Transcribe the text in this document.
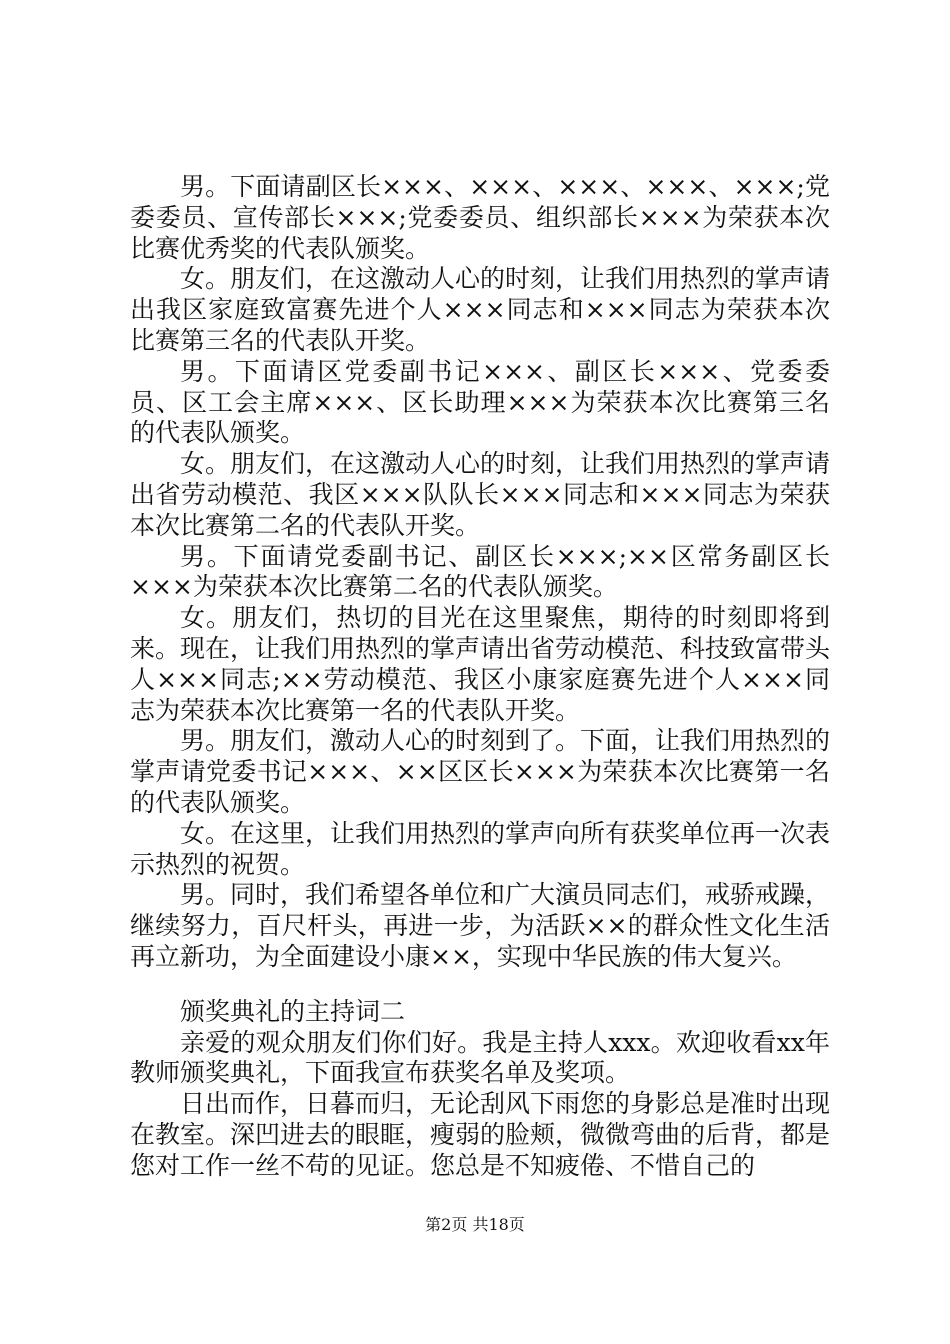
男。下面请副区长×××、×××、×××、×××、×××;党委委员、宣传部长×××;党委委员、组织部长×××为荣获本次比赛优秀奖的代表队颁奖。

女。朋友们，在这激动人心的时刻，让我们用热烈的掌声请出我区家庭致富赛先进个人×××同志和×××同志为荣获本次比赛第三名的代表队开奖。

男。下面请区党委副书记×××、副区长×××、党委委员、区工会主席×××、区长助理×××为荣获本次比赛第三名的代表队颁奖。

女。朋友们，在这激动人心的时刻，让我们用热烈的掌声请出省劳动模范、我区×××队队长×××同志和×××同志为荣获本次比赛第二名的代表队开奖。

男。下面请党委副书记、副区长×××;××区常务副区长×××为荣获本次比赛第二名的代表队颁奖。

女。朋友们，热切的目光在这里聚焦，期待的时刻即将到来。现在，让我们用热烈的掌声请出省劳动模范、科技致富带头人×××同志;××劳动模范、我区小康家庭赛先进个人×××同志为荣获本次比赛第一名的代表队开奖。

男。朋友们，激动人心的时刻到了。下面，让我们用热烈的掌声请党委书记×××、××区区长×××为荣获本次比赛第一名的代表队颁奖。

女。在这里，让我们用热烈的掌声向所有获奖单位再一次表示热烈的祝贺。

男。同时，我们希望各单位和广大演员同志们，戒骄戒躁，继续努力，百尺杆头，再进一步，为活跃××的群众性文化生活再立新功，为全面建设小康××，实现中华民族的伟大复兴。

颁奖典礼的主持词二

亲爱的观众朋友们你们好。我是主持人xxx。欢迎收看xx年教师颁奖典礼，下面我宣布获奖名单及奖项。

日出而作，日暮而归，无论刮风下雨您的身影总是准时出现在教室。深凹进去的眼眶，瘦弱的脸颊，微微弯曲的后背，都是您对工作一丝不苟的见证。您总是不知疲倦、不惜自己的

第2页 共18页
